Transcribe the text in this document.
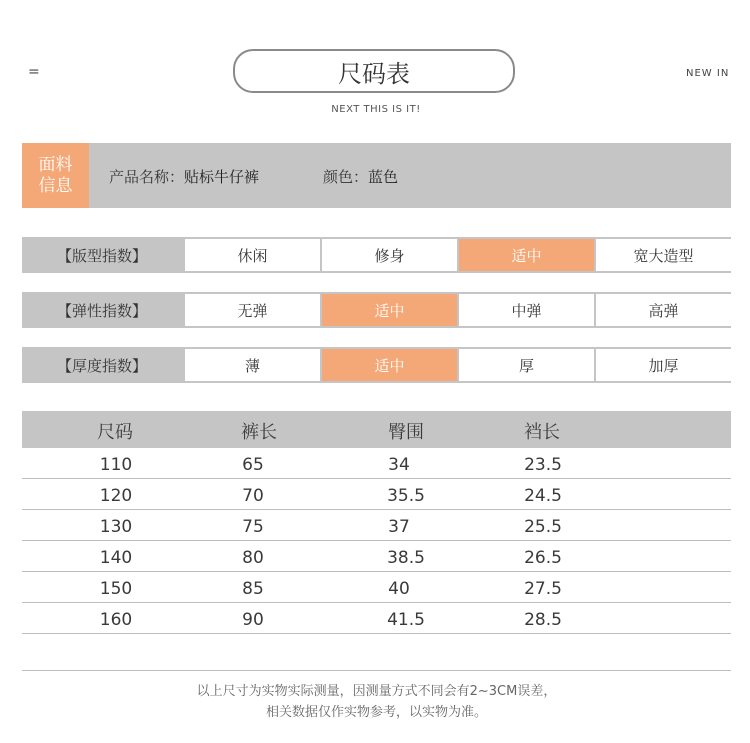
=	尺码表
NEXT THIS IS IT!
NEW IN
面料
信息 产品名称：贴标牛仔裤	颜色：蓝色
【版型指数】	休闲	修身	适中	宽大造型
【弹性指数】	无弹	适中	中弹	高弹
【厚度指数】	薄	适中	厚	加厚
尺码	裤长	臀围	裆长
110	65	34	23.5
120	70	35.5	24.5
130	75	37	25.5
140	80	38.5	26.5
150	85	40	27.5
160	90	41.5	28.5
以上尺寸为实物实际测量，因测量方式不同会有2~3CM误差，
相关数据仅作实物参考，以实物为准。
